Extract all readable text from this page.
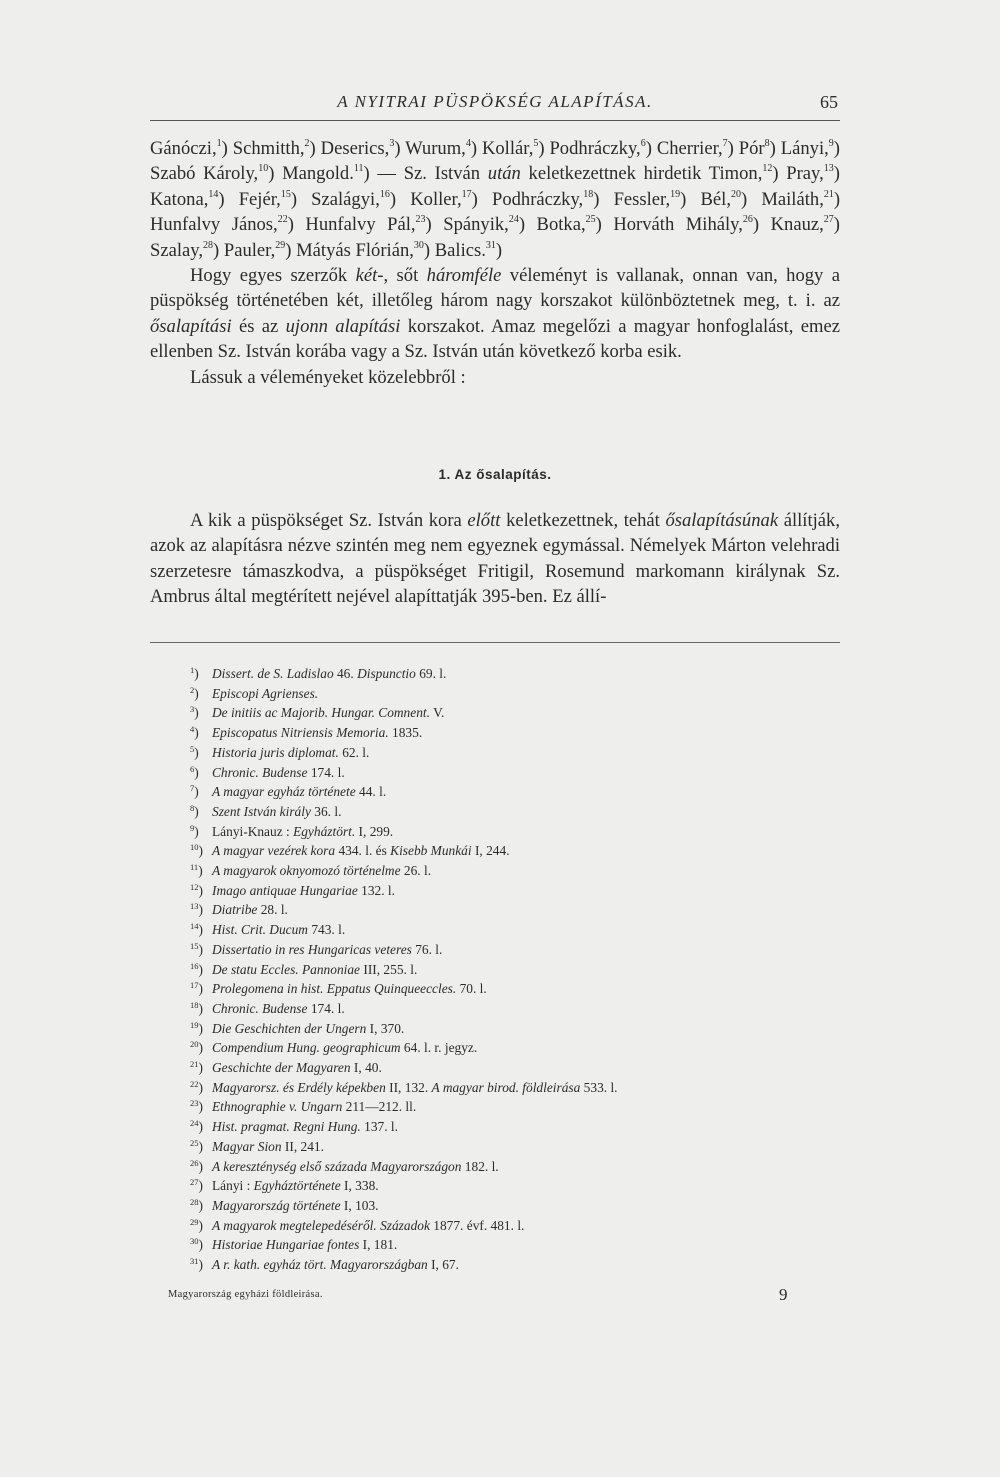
A NYITRAI PÜSPÖKSÉG ALAPÍTÁSA.	65

Gánóczi,$^1$) Schmitth,$^2$) Deserics,$^3$) Wurum,$^4$) Kollár,$^5$) Podhráczky,$^6$) Cherrier,$^7$) Pór$^8$) Lányi,$^9$) Szabó Károly,$^{10}$) Mangold.$^{11}$) — Sz. István után keletkezettnek hirdetik Timon,$^{12}$) Pray,$^{13}$) Katona,$^{14}$) Fejér,$^{15}$) Szalágyi,$^{16}$) Koller,$^{17}$) Podhráczky,$^{18}$) Fessler,$^{19}$) Bél,$^{20}$) Mailáth,$^{21}$) Hunfalvy János,$^{22}$) Hunfalvy Pál,$^{23}$) Spányik,$^{24}$) Botka,$^{25}$) Horváth Mihály,$^{26}$) Knauz,$^{27}$) Szalay,$^{28}$) Pauler,$^{29}$) Mátyás Flórián,$^{30}$) Balics.$^{31}$)

Hogy egyes szerzők két-, sőt háromféle véleményt is vallanak, onnan van, hogy a püspökség történetében két, illetőleg három nagy korszakot különböztetnek meg, t. i. az ősalapítási és az ujonn alapítási korszakot. Amaz megelőzi a magyar honfoglalást, emez ellenben Sz. István korába vagy a Sz. István után következő korba esik.

Lássuk a véleményeket közelebbről :

1. Az ősalapítás.

A kik a püspökséget Sz. István kora előtt keletkezettnek, tehát ősalapításúnak állítják, azok az alapításra nézve szintén meg nem egyeznek egymással. Némelyek Márton velehradi szerzetesre támaszkodva, a püspökséget Fritigil, Rosemund markomann királynak Sz. Ambrus által megtérített nejével alapíttatják 395-ben. Ez állí-

$^1$) Dissert. de S. Ladislao 46. Dispunctio 69. l.
$^2$) Episcopi Agrienses.
$^3$) De initiis ac Majorib. Hungar. Comnent. V.
$^4$) Episcopatus Nitriensis Memoria. 1835.
$^5$) Historia juris diplomat. 62. l.
$^6$) Chronic. Budense 174. l.
$^7$) A magyar egyház története 44. l.
$^8$) Szent István király 36. l.
$^9$) Lányi-Knauz : Egyháztört. I, 299.
$^{10}$) A magyar vezérek kora 434. l. és Kisebb Munkái I, 244.
$^{11}$) A magyarok oknyomozó történelme 26. l.
$^{12}$) Imago antiquae Hungariae 132. l.
$^{13}$) Diatribe 28. l.
$^{14}$) Hist. Crit. Ducum 743. l.
$^{15}$) Dissertatio in res Hungaricas veteres 76. l.
$^{16}$) De statu Eccles. Pannoniae III, 255. l.
$^{17}$) Prolegomena in hist. Eppatus Quinqueeccles. 70. l.
$^{18}$) Chronic. Budense 174. l.
$^{19}$) Die Geschichten der Ungern I, 370.
$^{20}$) Compendium Hung. geographicum 64. l. r. jegyz.
$^{21}$) Geschichte der Magyaren I, 40.
$^{22}$) Magyarorsz. és Erdély képekben II, 132. A magyar birod. földleirása 533. l.
$^{23}$) Ethnographie v. Ungarn 211—212. ll.
$^{24}$) Hist. pragmat. Regni Hung. 137. l.
$^{25}$) Magyar Sion II, 241.
$^{26}$) A kereszténység első százada Magyarországon 182. l.
$^{27}$) Lányi : Egyháztörténete I, 338.
$^{28}$) Magyarország története I, 103.
$^{29}$) A magyarok megtelepedéséről. Századok 1877. évf. 481. l.
$^{30}$) Historiae Hungariae fontes I, 181.
$^{31}$) A r. kath. egyház tört. Magyarországban I, 67.
Magyarország egyházi földleirása.	9
